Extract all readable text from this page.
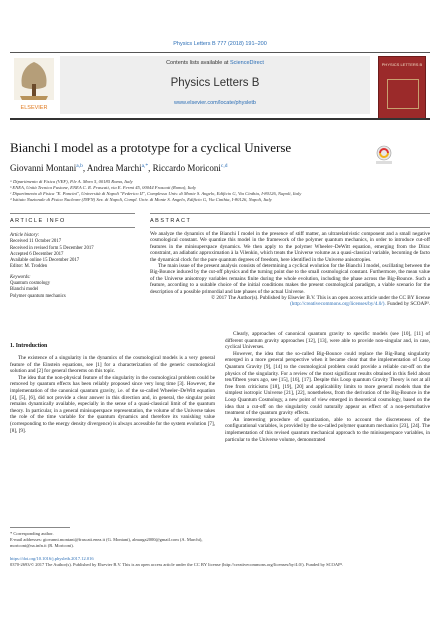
Physics Letters B 777 (2018) 191–200
ELSEVIER
Contents lists available at ScienceDirect
Physics Letters B
www.elsevier.com/locate/physletb
PHYSICS LETTERS B
Bianchi I model as a prototype for a cyclical Universe
Giovanni Montani$^{a,b}$, Andrea Marchi$^{a,*}$, Riccardo Moriconi$^{c,d}$
ᵃ Dipartimento di Fisica (VEF), P.le A. Moro 5, 00185 Roma, Italy
ᵇ ENEA, Unità Tecnica Fusione, ENEA C. R. Frascati, via E. Fermi 45, 00044 Frascati (Roma), Italy
ᶜ Dipartimento di Fisica "E. Pancini", Università di Napoli "Federico II", Complesso Univ. di Monte S. Angelo, Edificio G, Via Cinthia, I-80126, Napoli, Italy
ᵈ Istituto Nazionale di Fisica Nucleare (INFN) Sez. di Napoli, Compl. Univ. di Monte S. Angelo, Edificio G, Via Cinthia, I-80126, Napoli, Italy
ARTICLE INFO	ABSTRACT
Article history:
Received 11 October 2017
Received in revised form 5 December 2017
Accepted 6 December 2017
Available online 15 December 2017
Editor: M. Trodden
Keywords:
Quantum cosmology
Bianchi model
Polymer quantum mechanics
We analyze the dynamics of the Bianchi I model in the presence of stiff matter, an ultrarelativistic component and a small negative cosmological constant. We quantize this model in the framework of the polymer quantum mechanics, in order to introduce cut-off features in the minisuperspace dynamics. We then apply to the polymer Wheeler–DeWitt equation, emerging from the Dirac constraint, an adiabatic approximation à la Vilenkin, which treats the Universe volume as a quasi-classical variable, becoming de facto the dynamical clock for the pure quantum degrees of freedom, here identified in the Universe anisotropies.
The main issue of the present analysis consists of determining a cyclical evolution for the Bianchi I model, oscillating between the Big-Bounce induced by the cut-off physics and the turning point due to the small cosmological constant. Furthermore, the mean value of the Universe anisotropy variables remains finite during the whole evolution, including the phase across the Big-Bounce. Such a feature, according to a suitable choice of the initial conditions makes the present cosmological paradigm, a viable scenario for the description of a possible primordial and late phases of the actual Universe.
© 2017 The Author(s). Published by Elsevier B.V. This is an open access article under the CC BY license (http://creativecommons.org/licenses/by/4.0/). Funded by SCOAP³.
1. Introduction
The existence of a singularity in the dynamics of the cosmological models is a very general feature of the Einstein equations, see [1] for a characterization of the generic cosmological solution and [2] for general theorems on this topic.
The idea that the non-physical feature of the singularity in the cosmological problem could be removed by quantum effects has been reliably proposed since very long time [3]. However, the implementation of the canonical quantum gravity, i.e. of the so-called Wheeler–DeWitt equation [4], [5], [6], did not provide a clear answer in this direction and, in general, the singular point remains dynamically available, especially in the sense of a quasi-classical limit of the quantum theory. In particular, in a general minisuperspace representation, the volume of the Universe takes the role of the time variable for the quantum dynamics and therefore its vanishing value (corresponding to the energy density divergence) is always accessible for the system evolution [7], [8], [9].
Clearly, approaches of canonical quantum gravity to specific models (see [10], [11] of different quantum gravity approaches [12], [13], were able to provide non-singular and, in case, cyclical Universes.
However, the idea that the so-called Big-Bounce could replace the Big-Bang singularity emerged in a more general perspective when it became clear that the implementation of Loop Quantum Gravity [9], [14] to the cosmological problem could provide a reliable cut-off on the physics of the singularity. For a review of the most significant results obtained in this field about ten/fifteen years ago, see [15], [16], [17]. Despite this Loop quantum Gravity Theory is not at all free from criticisms [18], [19], [20] and applicability limits to more general models than the simplest isotropic Universe [21], [22], nonetheless, from the derivation of the Big-Bounce in the Loop Quantum Cosmology, a new point of view emerged in theoretical cosmology, based on the idea that a cut-off on the singularity could naturally appear as effect of a non-perturbative treatment of the quantum gravity effects.
An interesting procedure of quantization, able to account the discreteness of the configurational variables, is provided by the so-called polymer quantum mechanics [23], [24]. The implementation of this revised quantum mechanical approach to the minisuperspace variables, in particular to the Universe volume, demonstrated
* Corresponding author.
E-mail addresses: giovanni.montani@frascati.enea.it (G. Montani), almarga2000@gmail.com (A. Marchi), moriconi@na.infn.it (R. Moriconi).
https://doi.org/10.1016/j.physletb.2017.12.016
0370-2693/© 2017 The Author(s). Published by Elsevier B.V. This is an open access article under the CC BY license (http://creativecommons.org/licenses/by/4.0/). Funded by SCOAP³.
